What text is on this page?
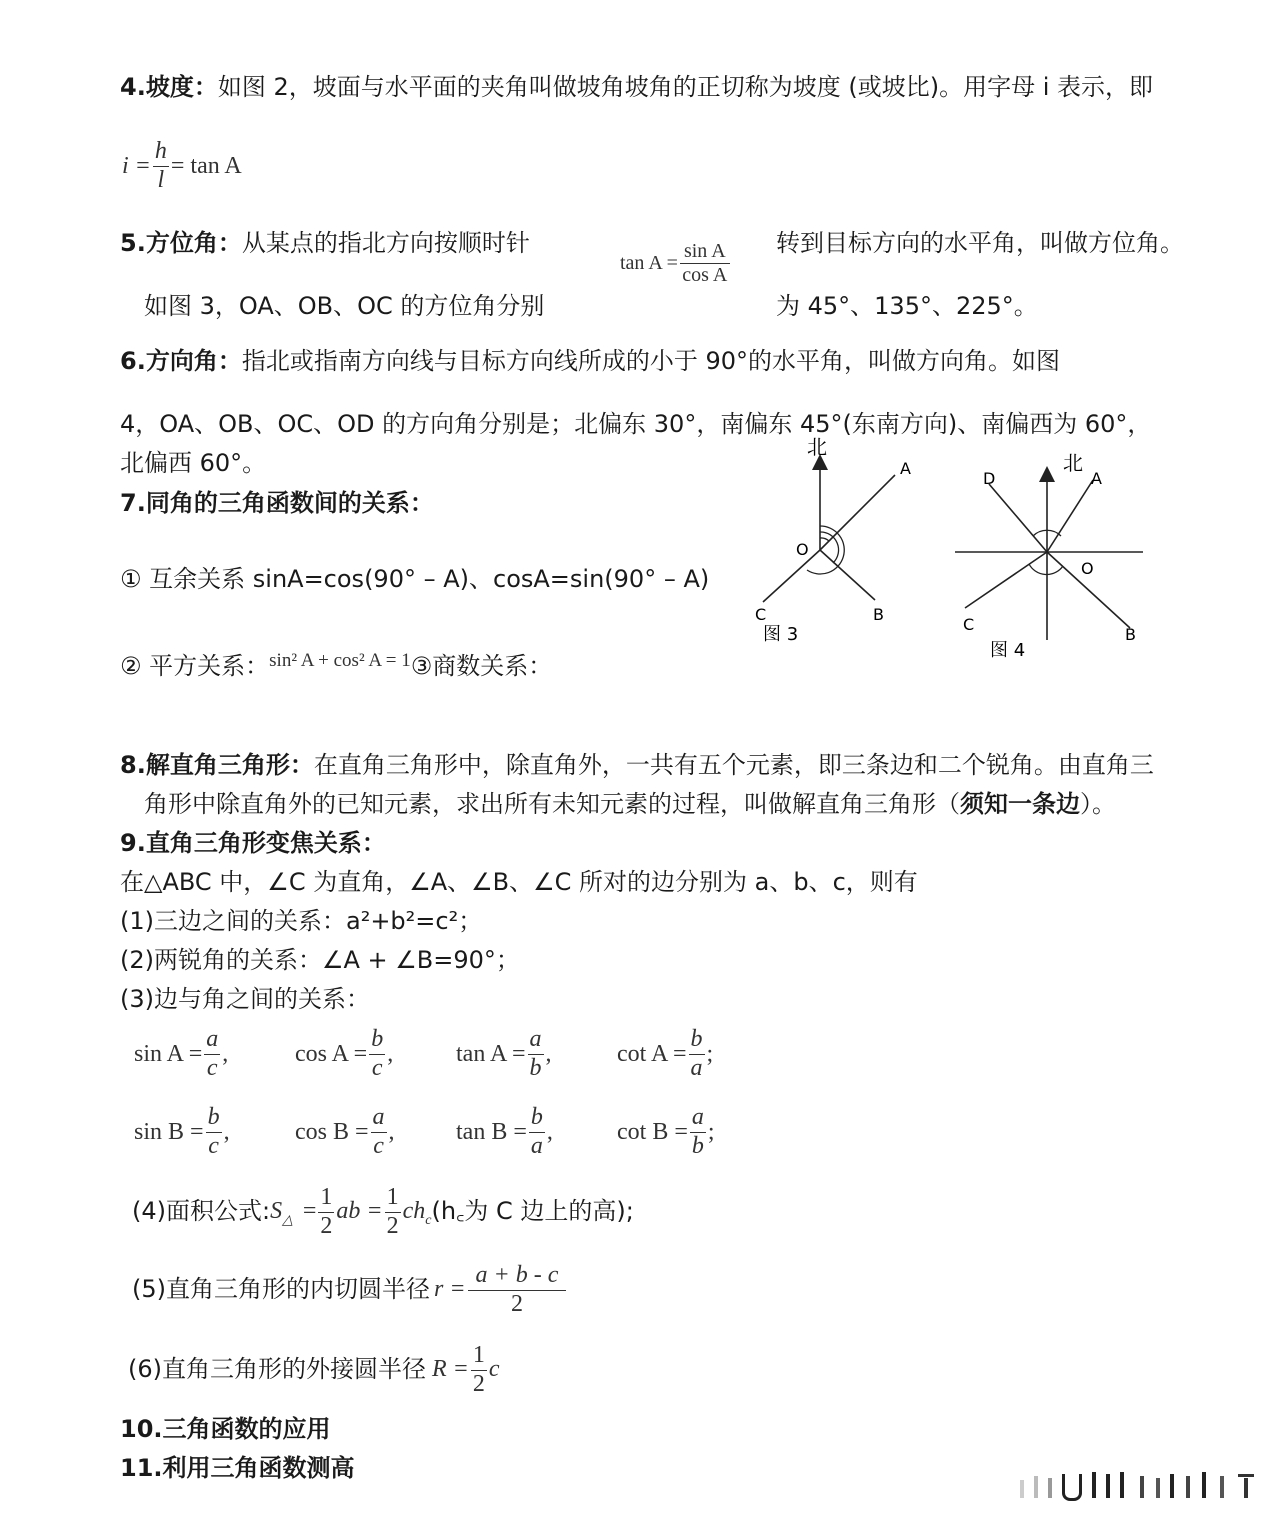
4.坡度：如图 2，坡面与水平面的夹角叫做坡角坡角的正切称为坡度 (或坡比)。用字母 i 表示，即
$i = \frac{h}{l} = \tan A$
5.方位角：从某点的指北方向按顺时针
$\tan A = \frac{\text{sin A}}{\text{cos A}}$ 转到目标方向的水平角，叫做方位角。
如图 3，OA、OB、OC 的方位角分别	为 45°、135°、225°。
6.方向角：指北或指南方向线与目标方向线所成的小于 90°的水平角，叫做方向角。如图
4，OA、OB、OC、OD 的方向角分别是；北偏东 30°，南偏东 45°(东南方向)、南偏西为 60°，
北偏西 60°。
7.同角的三角函数间的关系：
① 互余关系 sinA=cos(90° – A)、cosA=sin(90° – A)
② 平方关系：$^{sin^2 A + cos^2 A = 1}$③商数关系：
北
A
B
C
O
图 3
北
A
B
C
D
O
图 4
8.解直角三角形：在直角三角形中，除直角外，一共有五个元素，即三条边和二个锐角。由直角三
角形中除直角外的已知元素，求出所有未知元素的过程，叫做解直角三角形（须知一条边）。
9.直角三角形变焦关系：
在△ABC 中，∠C 为直角，∠A、∠B、∠C 所对的边分别为 a、b、c，则有
(1)三边之间的关系：a²+b²=c²；
(2)两锐角的关系：∠A + ∠B=90°；
(3)边与角之间的关系：
$\sin A = \frac{a}{c}$ ,	$\cos A = \frac{b}{c}$ ,	$\tan A = \frac{a}{b}$ ,	$\cot A = \frac{b}{a}$ ;
$\sin B = \frac{b}{c}$ ,	$\cos B = \frac{a}{c}$ ,	$\tan B = \frac{b}{a}$ ,	$\cot B = \frac{a}{b}$ ;
(4)面积公式: $S_\triangle = \frac{1}{2}$ ab = $\frac{1}{2} ch_c$ (h꜀为 C 边上的高);
(5)直角三角形的内切圆半径 $r = \frac{a + b - c}{2}$
(6)直角三角形的外接圆半径 $R = \frac{1}{2}$ c
10.三角函数的应用
11.利用三角函数测高
